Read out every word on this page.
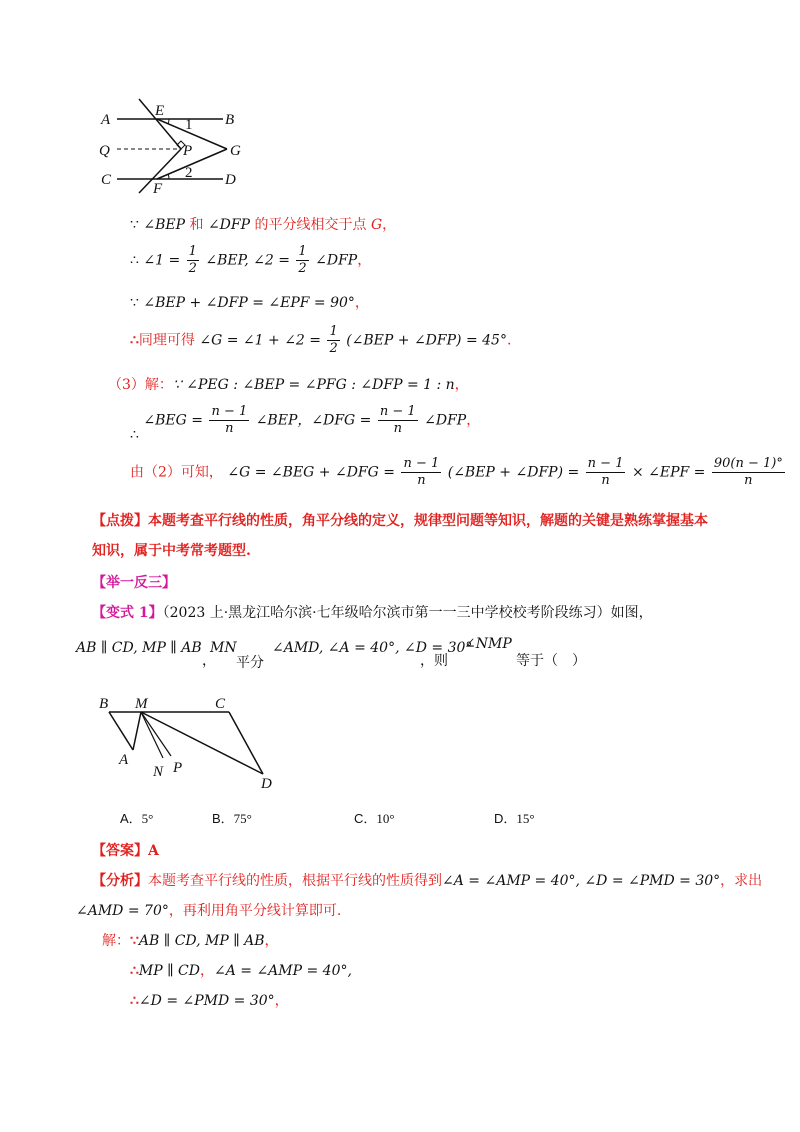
A
E
B
1
Q	P	G
C	2 D
F
∵ ∠BEP 和 ∠DFP 的平分线相交于点 G，
∴ ∠1 = $\frac{1}{2}$ ∠BEP, ∠2 = $\frac{1}{2}$ ∠DFP，
∵ ∠BEP + ∠DFP = ∠EPF = 90°，
∴同理可得 ∠G = ∠1 + ∠2 = $\frac{1}{2}$ (∠BEP + ∠DFP) = 45°.
（3）解：∵ ∠PEG : ∠BEP = ∠PFG : ∠DFP = 1 : n，
∴ ∠BEG = $\frac{n - 1}{n}$ ∠BEP，∠DFG = $\frac{n - 1}{n}$ ∠DFP，
由（2）可知， ∠G = ∠BEG + ∠DFG = $\frac{n - 1}{n}$ (∠BEP + ∠DFP) = $\frac{n - 1}{n}$ × ∠EPF = $\frac{90(n - 1)^\circ}{n}$
【点拨】本题考查平行线的性质，角平分线的定义，规律型问题等知识，解题的关键是熟练掌握基本
知识，属于中考常考题型.
【举一反三】
【变式 1】（2023 上·黑龙江哈尔滨·七年级哈尔滨市第一一三中学校校考阶段练习）如图，
AB ∥ CD, MP ∥ AB
，
MN
平分
∠AMD, ∠A = 40°, ∠D = 30°
，则
∠NMP
等于（　）
B M	C
A
N P
D
A．5°	B．75°	C．10°	D．15°
【答案】A
【分析】本题考查平行线的性质，根据平行线的性质得到∠A = ∠AMP = 40°, ∠D = ∠PMD = 30°，求出
∠AMD = 70°，再利用角平分线计算即可.
解：∵AB ∥ CD, MP ∥ AB，
∴MP ∥ CD，∠A = ∠AMP = 40°,
∴∠D = ∠PMD = 30°，
